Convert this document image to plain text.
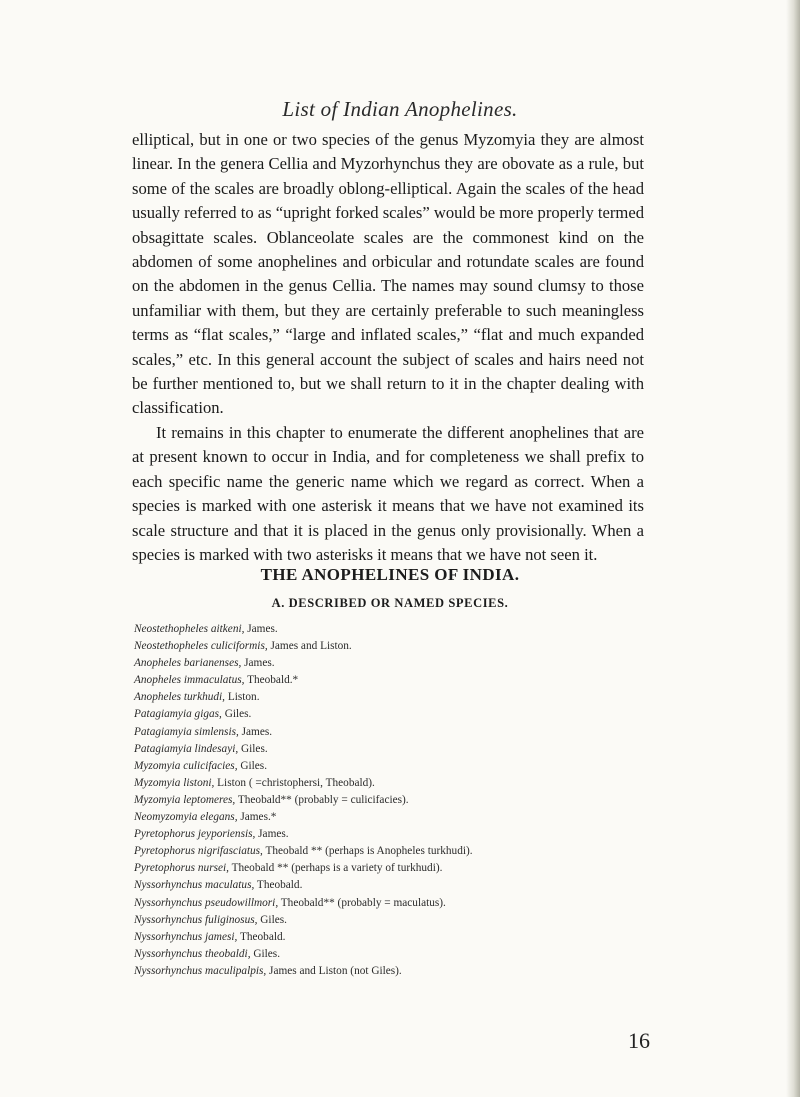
List of Indian Anophelines.

elliptical, but in one or two species of the genus Myzomyia they are almost linear. In the genera Cellia and Myzorhynchus they are obovate as a rule, but some of the scales are broadly oblong-elliptical. Again the scales of the head usually referred to as “upright forked scales” would be more properly termed obsagittate scales. Oblanceolate scales are the commonest kind on the abdomen of some anophelines and orbicular and rotundate scales are found on the abdomen in the genus Cellia. The names may sound clumsy to those unfamiliar with them, but they are certainly preferable to such meaningless terms as “flat scales,” “large and inflated scales,” “flat and much expanded scales,” etc. In this general account the subject of scales and hairs need not be further mentioned to, but we shall return to it in the chapter dealing with classification.

It remains in this chapter to enumerate the different anophelines that are at present known to occur in India, and for completeness we shall prefix to each specific name the generic name which we regard as correct. When a species is marked with one asterisk it means that we have not examined its scale structure and that it is placed in the genus only provisionally. When a species is marked with two asterisks it means that we have not seen it.

THE ANOPHELINES OF INDIA.
A. DESCRIBED OR NAMED SPECIES.
Neostethopheles aitkeni, James.
Neostethopheles culiciformis, James and Liston.
Anopheles barianenses, James.
Anopheles immaculatus, Theobald.*
Anopheles turkhudi, Liston.
Patagiamyia gigas, Giles.
Patagiamyia simlensis, James.
Patagiamyia lindesayi, Giles.
Myzomyia culicifacies, Giles.
Myzomyia listoni, Liston ( =christophersi, Theobald).
Myzomyia leptomeres, Theobald** (probably = culicifacies).
Neomyzomyia elegans, James.*
Pyretophorus jeyporiensis, James.
Pyretophorus nigrifasciatus, Theobald ** (perhaps is Anopheles turkhudi).
Pyretophorus nursei, Theobald ** (perhaps is a variety of turkhudi).
Nyssorhynchus maculatus, Theobald.
Nyssorhynchus pseudowillmori, Theobald** (probably = maculatus).
Nyssorhynchus fuliginosus, Giles.
Nyssorhynchus jamesi, Theobald.
Nyssorhynchus theobaldi, Giles.
Nyssorhynchus maculipalpis, James and Liston (not Giles).
16
